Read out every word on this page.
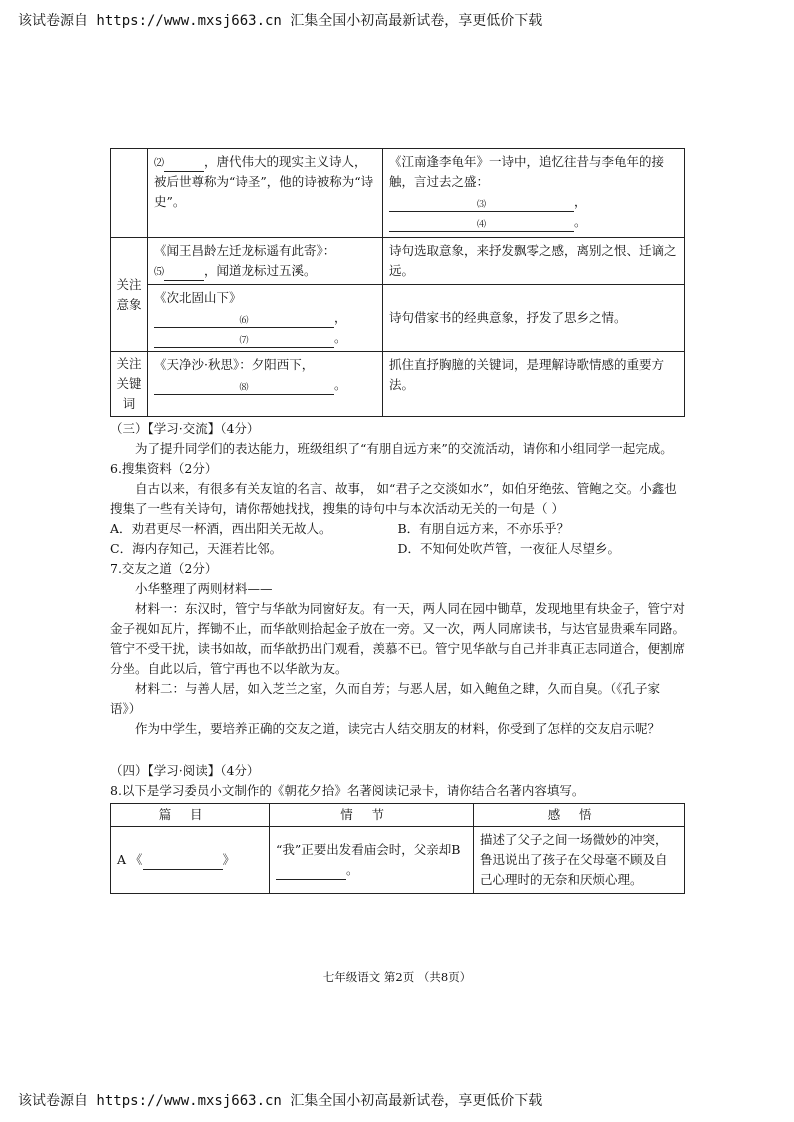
该试卷源自 https://www.mxsj663.cn 汇集全国小初高最新试卷，享更低价下载
	⑵ ，唐代伟大的现实主义诗人，被后世尊称为“诗圣”，他的诗被称为“诗史”。	《江南逢李龟年》一诗中，追忆往昔与李龟年的接触，言过去之盛：
⑶ ，
⑷ 。
关注意象	《闻王昌龄左迁龙标遥有此寄》：
⑸ ，闻道龙标过五溪。	诗句选取意象，来抒发飘零之感，离别之恨、迁谪之远。
	《次北固山下》
⑹ ，
⑺ 。	诗句借家书的经典意象，抒发了思乡之情。
关注关键词	《天净沙·秋思》：夕阳西下，
⑻ 。	抓住直抒胸臆的关键词，是理解诗歌情感的重要方法。

（三）【学习·交流】（4分）

为了提升同学们的表达能力，班级组织了“有朋自远方来”的交流活动，请你和小组同学一起完成。

6.搜集资料（2分）

自古以来，有很多有关友谊的名言、故事， 如“君子之交淡如水”，如伯牙绝弦、管鲍之交。小鑫也搜集了一些有关诗句，请你帮她找找，搜集的诗句中与本次活动无关的一句是（ ）

A．劝君更尽一杯酒，西出阳关无故人。	B．有朋自远方来，不亦乐乎？
C．海内存知己，天涯若比邻。	D．不知何处吹芦管，一夜征人尽望乡。

7.交友之道（2分）

小华整理了两则材料——

材料一：东汉时，管宁与华歆为同窗好友。有一天，两人同在园中锄草，发现地里有块金子，管宁对金子视如瓦片，挥锄不止，而华歆则拾起金子放在一旁。又一次，两人同席读书，与达官显贵乘车同路。管宁不受干扰，读书如故，而华歆扔出门观看，羡慕不已。管宁见华歆与自己并非真正志同道合，便割席分坐。自此以后，管宁再也不以华歆为友。

材料二：与善人居，如入芝兰之室，久而自芳；与恶人居，如入鲍鱼之肆，久而自臭。（《孔子家语》）

作为中学生，要培养正确的交友之道，读完古人结交朋友的材料，你受到了怎样的交友启示呢？

（四）【学习·阅读】（4分）

8.以下是学习委员小文制作的《朝花夕拾》名著阅读记录卡，请你结合名著内容填写。

篇目	情节	感悟
A 《 》	“我”正要出发看庙会时，父亲却B。	描述了父子之间一场微妙的冲突，鲁迅说出了孩子在父母毫不顾及自己心理时的无奈和厌烦心理。
七年级语文 第2页 （共8页）
该试卷源自 https://www.mxsj663.cn 汇集全国小初高最新试卷，享更低价下载
